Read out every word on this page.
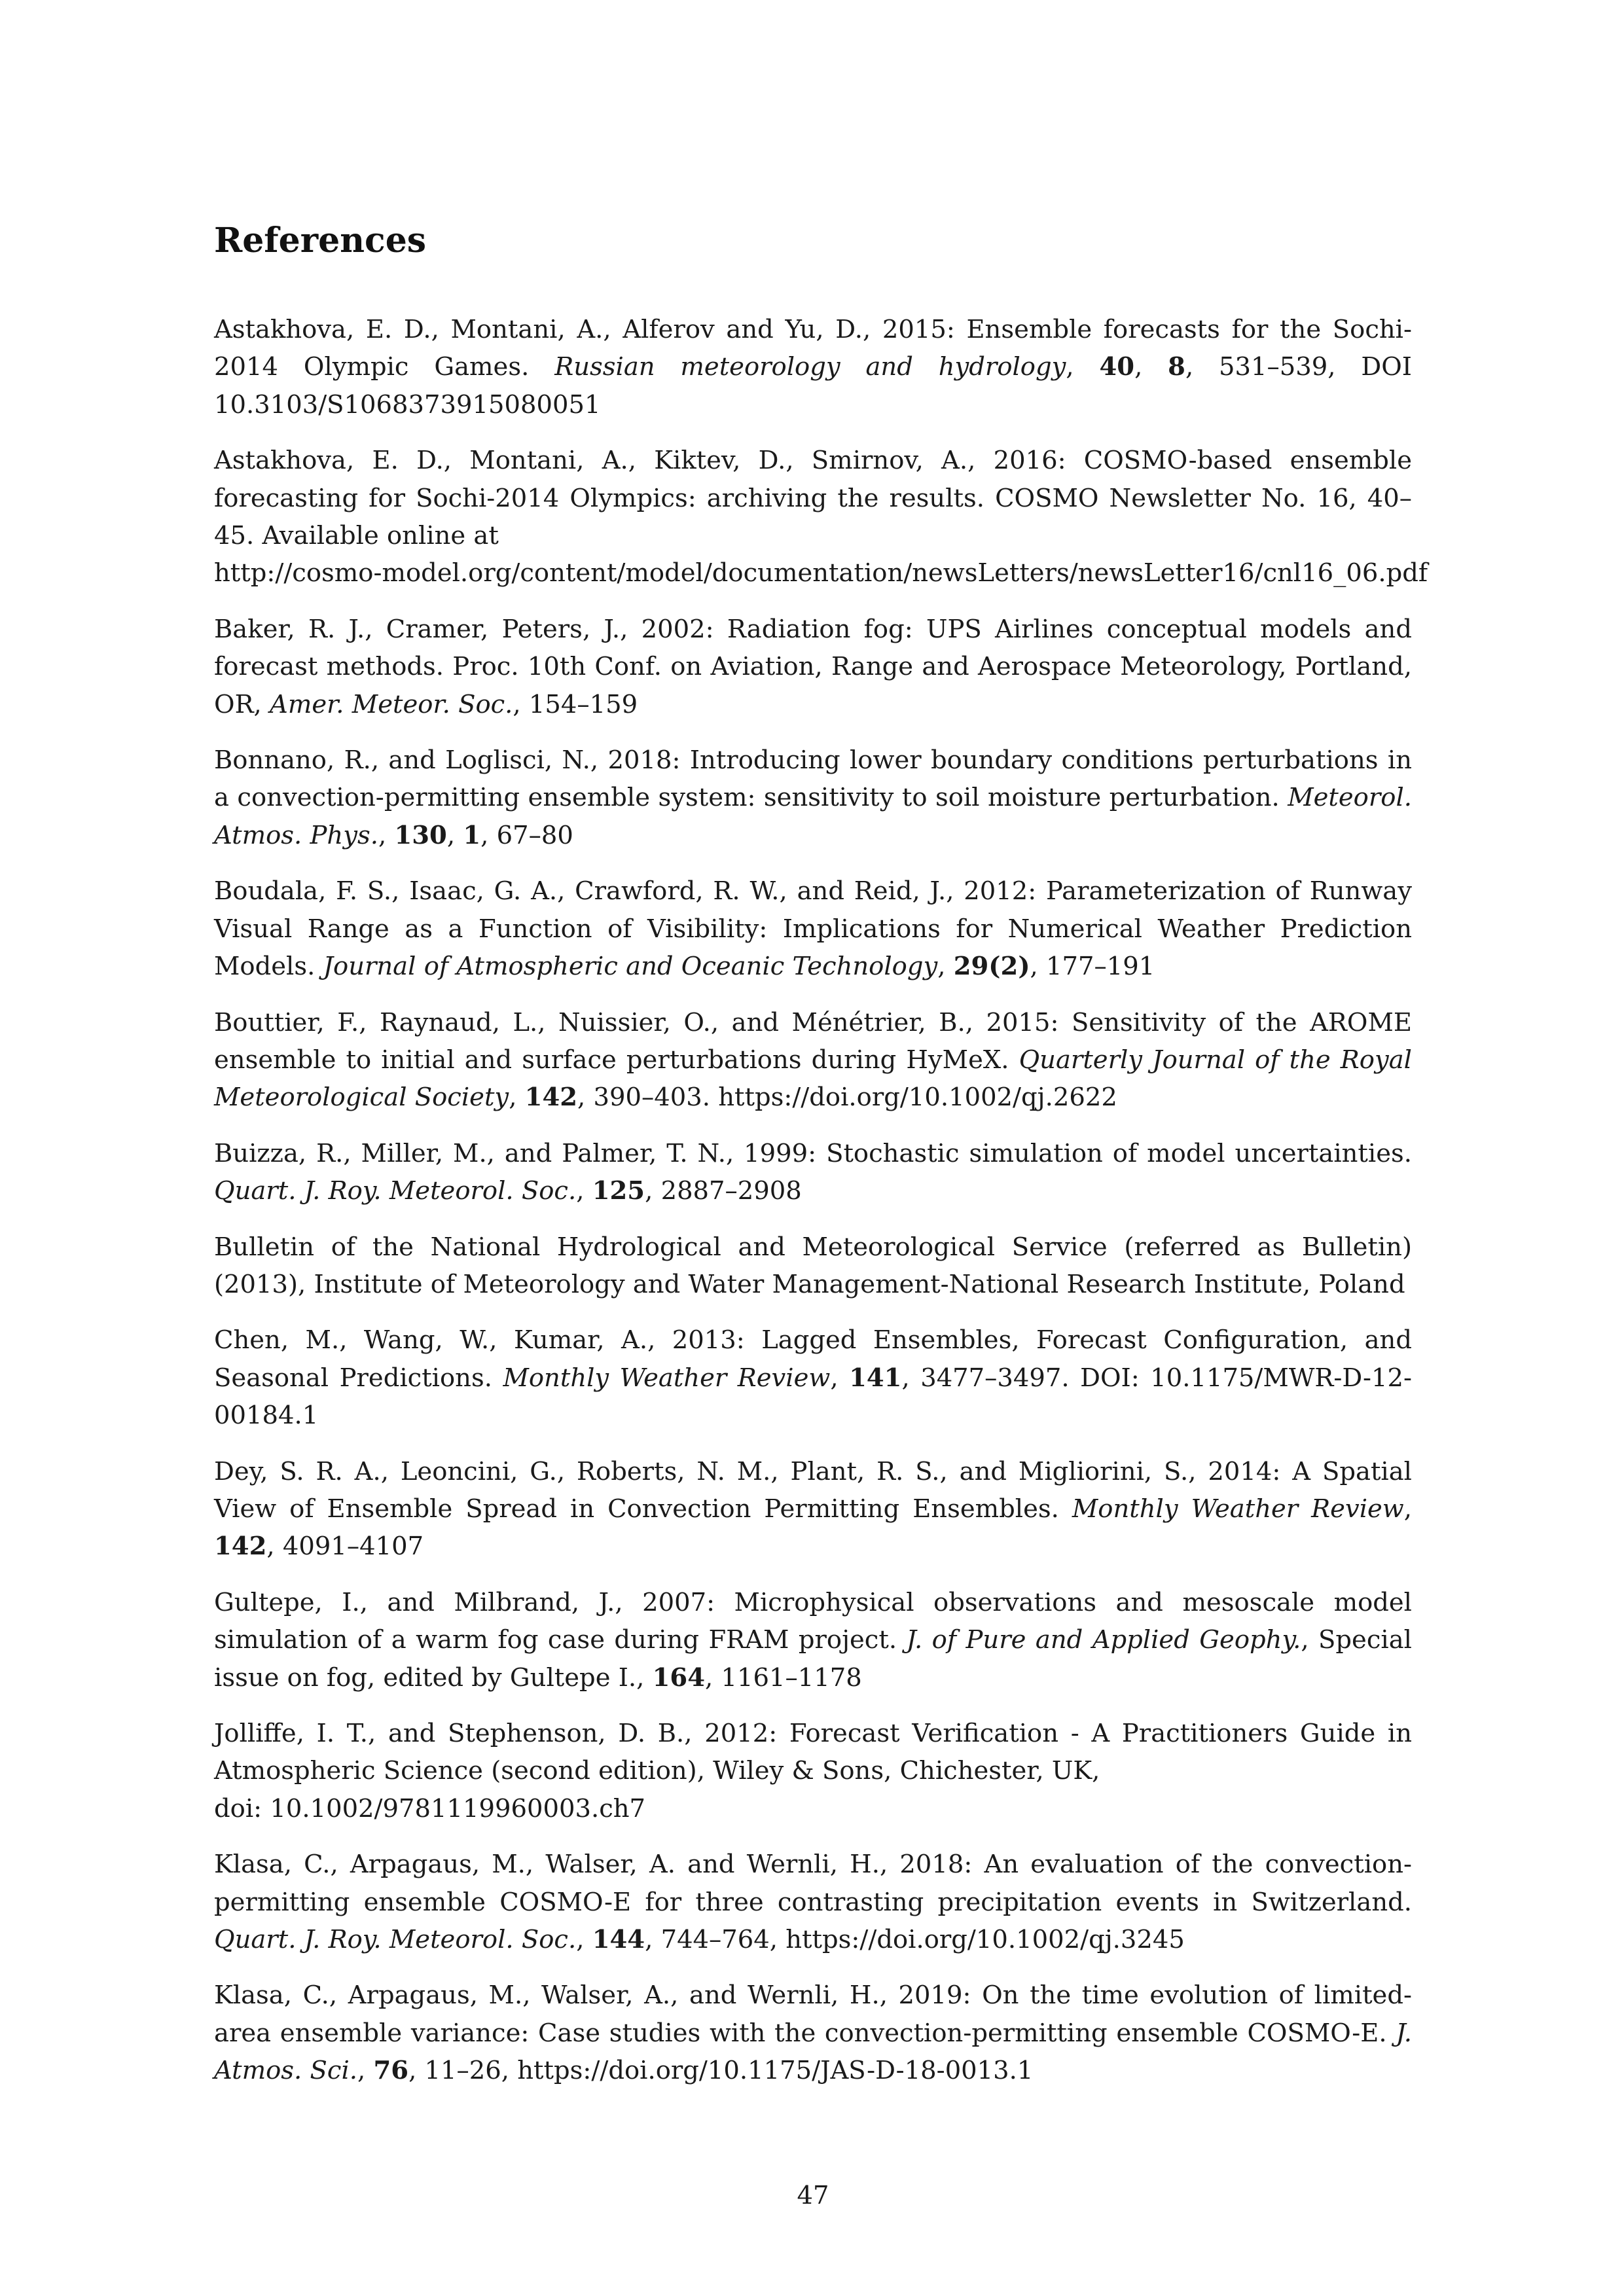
References

Astakhova, E. D., Montani, A., Alferov and Yu, D., 2015: Ensemble forecasts for the Sochi-2014 Olympic Games. Russian meteorology and hydrology, 40, 8, 531–539, DOI 10.3103/S1068373915080051

Astakhova, E. D., Montani, A., Kiktev, D., Smirnov, A., 2016: COSMO-based ensemble forecasting for Sochi-2014 Olympics: archiving the results. COSMO Newsletter No. 16, 40–45. Available online at
http://cosmo-model.org/content/model/documentation/newsLetters/newsLetter16/cnl16_06.pdf

Baker, R. J., Cramer, Peters, J., 2002: Radiation fog: UPS Airlines conceptual models and forecast methods. Proc. 10th Conf. on Aviation, Range and Aerospace Meteorology, Portland, OR, Amer. Meteor. Soc., 154–159

Bonnano, R., and Loglisci, N., 2018: Introducing lower boundary conditions perturbations in a convection-permitting ensemble system: sensitivity to soil moisture perturbation. Meteorol. Atmos. Phys., 130, 1, 67–80

Boudala, F. S., Isaac, G. A., Crawford, R. W., and Reid, J., 2012: Parameterization of Runway Visual Range as a Function of Visibility: Implications for Numerical Weather Prediction Models. Journal of Atmospheric and Oceanic Technology, 29(2), 177–191

Bouttier, F., Raynaud, L., Nuissier, O., and Ménétrier, B., 2015: Sensitivity of the AROME ensemble to initial and surface perturbations during HyMeX. Quarterly Journal of the Royal Meteorological Society, 142, 390–403. https://doi.org/10.1002/qj.2622

Buizza, R., Miller, M., and Palmer, T. N., 1999: Stochastic simulation of model uncertainties. Quart. J. Roy. Meteorol. Soc., 125, 2887–2908

Bulletin of the National Hydrological and Meteorological Service (referred as Bulletin) (2013), Institute of Meteorology and Water Management-National Research Institute, Poland

Chen, M., Wang, W., Kumar, A., 2013: Lagged Ensembles, Forecast Configuration, and Seasonal Predictions. Monthly Weather Review, 141, 3477–3497. DOI: 10.1175/MWR-D-12-00184.1

Dey, S. R. A., Leoncini, G., Roberts, N. M., Plant, R. S., and Migliorini, S., 2014: A Spatial View of Ensemble Spread in Convection Permitting Ensembles. Monthly Weather Review, 142, 4091–4107

Gultepe, I., and Milbrand, J., 2007: Microphysical observations and mesoscale model simulation of a warm fog case during FRAM project. J. of Pure and Applied Geophy., Special issue on fog, edited by Gultepe I., 164, 1161–1178

Jolliffe, I. T., and Stephenson, D. B., 2012: Forecast Verification - A Practitioners Guide in Atmospheric Science (second edition), Wiley & Sons, Chichester, UK,
doi: 10.1002/9781119960003.ch7

Klasa, C., Arpagaus, M., Walser, A. and Wernli, H., 2018: An evaluation of the convection-permitting ensemble COSMO-E for three contrasting precipitation events in Switzerland. Quart. J. Roy. Meteorol. Soc., 144, 744–764, https://doi.org/10.1002/qj.3245

Klasa, C., Arpagaus, M., Walser, A., and Wernli, H., 2019: On the time evolution of limited-area ensemble variance: Case studies with the convection-permitting ensemble COSMO-E. J. Atmos. Sci., 76, 11–26, https://doi.org/10.1175/JAS-D-18-0013.1

47
